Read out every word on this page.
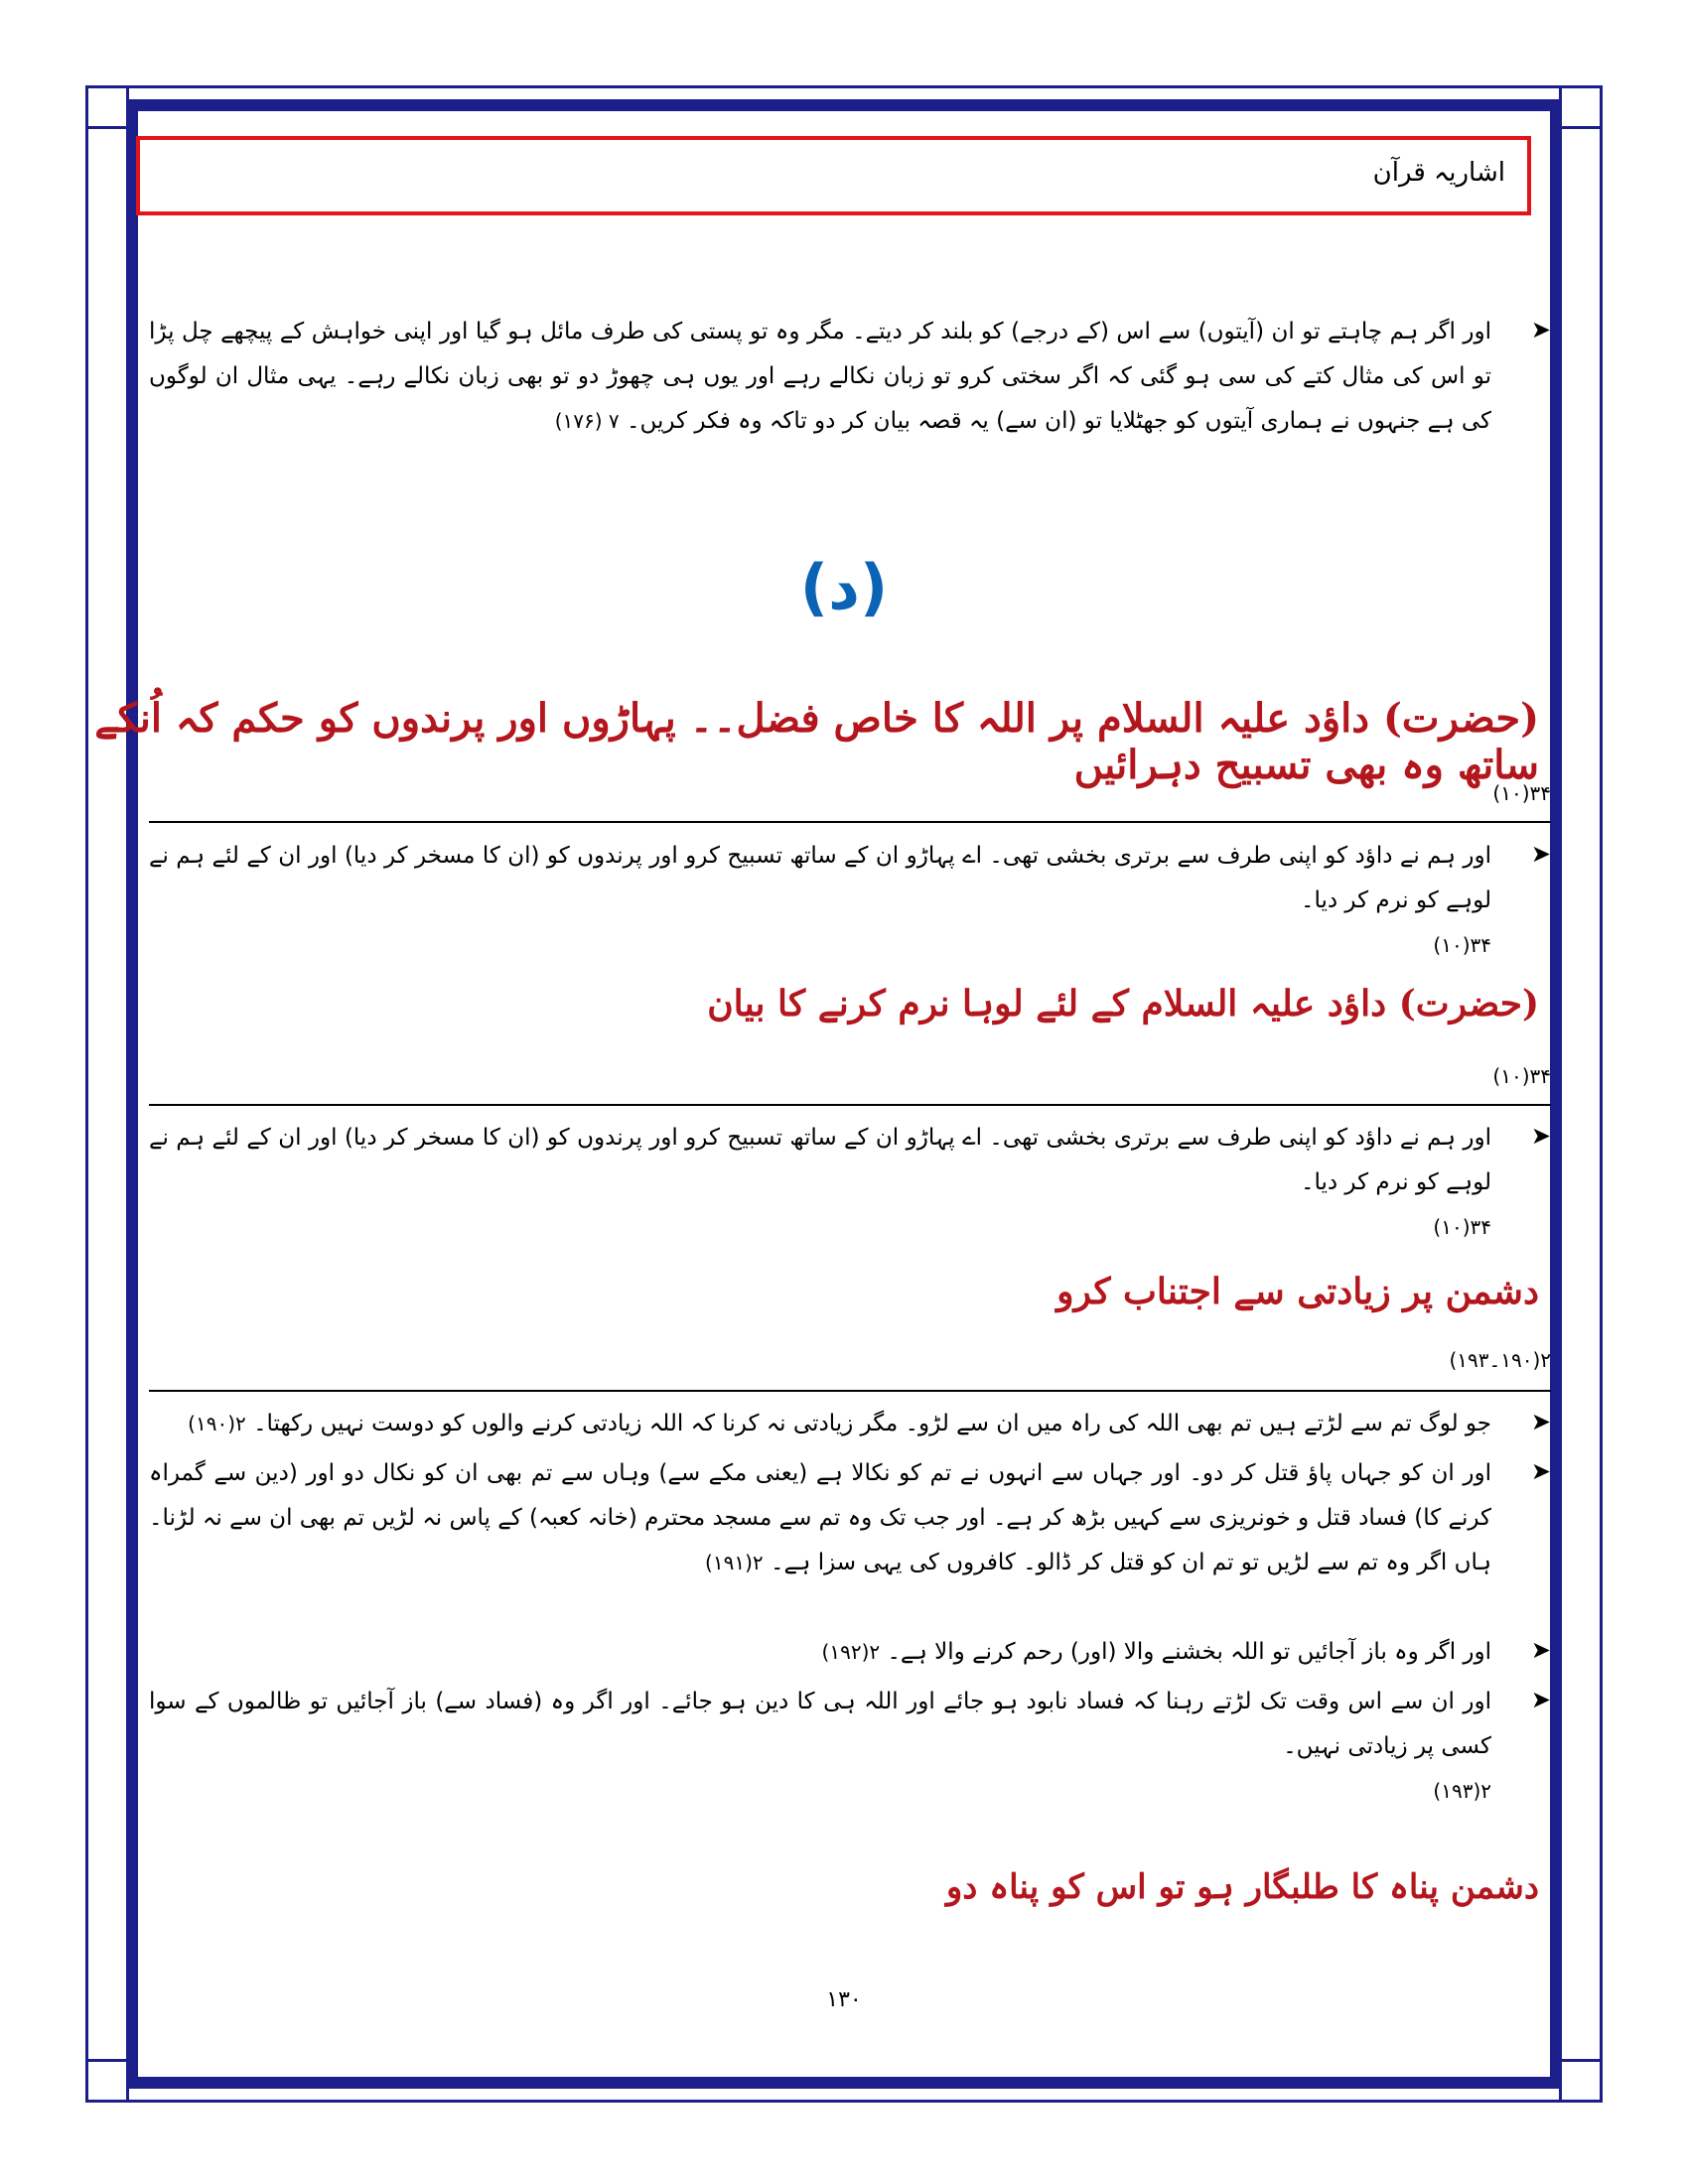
اشاریہ قرآن
➤
اور اگر ہم چاہتے تو ان (آیتوں) سے اس (کے درجے) کو بلند کر دیتے۔ مگر وہ تو پستی کی طرف مائل ہو گیا اور اپنی خواہش کے پیچھے چل پڑا تو اس کی مثال کتے کی سی ہو گئی کہ اگر سختی کرو تو زبان نکالے رہے اور یوں ہی چھوڑ دو تو بھی زبان نکالے رہے۔ یہی مثال ان لوگوں کی ہے جنہوں نے ہماری آیتوں کو جھٹلایا تو (ان سے) یہ قصہ بیان کر دو تاکہ وہ فکر کریں۔ ۷ (۱۷۶)
(د)
(حضرت) داؤد علیہ السلام پر اللہ کا خاص فضل۔۔ پہاڑوں اور پرندوں کو حکم کہ اُنکے ساتھ وہ بھی تسبیح دہرائیں
۳۴(۱۰)
➤
اور ہم نے داؤد کو اپنی طرف سے برتری بخشی تھی۔ اے پہاڑو ان کے ساتھ تسبیح کرو اور پرندوں کو (ان کا مسخر کر دیا) اور ان کے لئے ہم نے لوہے کو نرم کر دیا۔
۳۴(۱۰)
(حضرت) داؤد علیہ السلام کے لئے لوہا نرم کرنے کا بیان
۳۴(۱۰)
➤
اور ہم نے داؤد کو اپنی طرف سے برتری بخشی تھی۔ اے پہاڑو ان کے ساتھ تسبیح کرو اور پرندوں کو (ان کا مسخر کر دیا) اور ان کے لئے ہم نے لوہے کو نرم کر دیا۔
۳۴(۱۰)
دشمن پر زیادتی سے اجتناب کرو
۲(۱۹۰۔۱۹۳)
➤
جو لوگ تم سے لڑتے ہیں تم بھی اللہ کی راہ میں ان سے لڑو۔ مگر زیادتی نہ کرنا کہ اللہ زیادتی کرنے والوں کو دوست نہیں رکھتا۔ ۲(۱۹۰)
➤
اور ان کو جہاں پاؤ قتل کر دو۔ اور جہاں سے انہوں نے تم کو نکالا ہے (یعنی مکے سے) وہاں سے تم بھی ان کو نکال دو اور (دین سے گمراہ کرنے کا) فساد قتل و خونریزی سے کہیں بڑھ کر ہے۔ اور جب تک وہ تم سے مسجد محترم (خانہ کعبہ) کے پاس نہ لڑیں تم بھی ان سے نہ لڑنا۔ ہاں اگر وہ تم سے لڑیں تو تم ان کو قتل کر ڈالو۔ کافروں کی یہی سزا ہے۔ ۲(۱۹۱)
➤
اور اگر وہ باز آجائیں تو اللہ بخشنے والا (اور) رحم کرنے والا ہے۔ ۲(۱۹۲)
➤
اور ان سے اس وقت تک لڑتے رہنا کہ فساد نابود ہو جائے اور اللہ ہی کا دین ہو جائے۔ اور اگر وہ (فساد سے) باز آجائیں تو ظالموں کے سوا کسی پر زیادتی نہیں۔
۲(۱۹۳)
دشمن پناہ کا طلبگار ہو تو اس کو پناہ دو
۱۳۰
